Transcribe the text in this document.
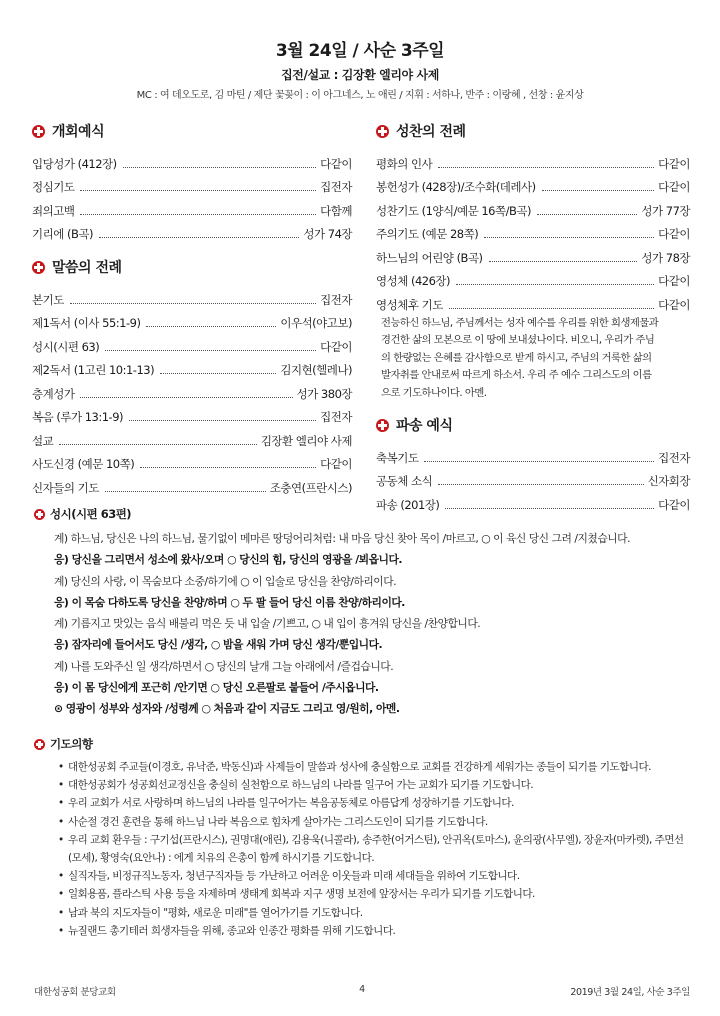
3월 24일 / 사순 3주일
집전/설교 : 김장환 엘리야 사제
MC : 여 데오도로, 김 마틴 / 제단 꽃꽂이 : 이 아그네스, 노 애린 / 지휘 : 서하나, 반주 : 이랑혜 , 선창 : 윤지상
개회예식
입당성가 (412장)	다같이
정심기도	집전자
죄의고백	다함께
기리에 (B곡)	성가 74장
말씀의 전례
본기도	집전자
제1독서 (이사 55:1-9)	이우석(야고보)
성시(시편 63)	다같이
제2독서 (1고린 10:1-13)	김지현(헬레나)
층계성가	성가 380장
복음 (루가 13:1-9)	집전자
설교	김장환 엘리야 사제
사도신경 (예문 10쪽)	다같이
신자들의 기도	조충연(프란시스)
성찬의 전례
평화의 인사	다같이
봉헌성가 (428장)/조수화(데레사)	다같이
성찬기도 (1양식/예문 16쪽/B곡)	성가 77장
주의기도 (예문 28쪽)	다같이
하느님의 어린양 (B곡)	성가 78장
영성체 (426장)	다같이
영성체후 기도	다같이
전능하신 하느님, 주님께서는 성자 예수를 우리를 위한 희생제물과
경건한 삶의 모본으로 이 땅에 보내셨나이다. 비오니, 우리가 주님
의 한량없는 은혜를 감사함으로 받게 하시고, 주님의 거룩한 삶의
발자취를 안내로써 따르게 하소서. 우리 주 예수 그리스도의 이름
으로 기도하나이다. 아멘.
파송 예식
축복기도	집전자
공동체 소식	신자회장
파송 (201장)	다같이
성시(시편 63편)
계) 하느님, 당신은 나의 하느님, 물기없이 메마른 땅덩어리처럼: 내 마음 당신 찾아 목이 /마르고, ○ 이 육신 당신 그려 /지쳤습니다.
응) 당신을 그리면서 성소에 왔사/오며 ○ 당신의 힘, 당신의 영광을 /뵈옵니다.
계) 당신의 사랑, 이 목숨보다 소중/하기에 ○ 이 입술로 당신을 찬양/하리이다.
응) 이 목숨 다하도록 당신을 찬양/하며 ○ 두 팔 들어 당신 이름 찬양/하리이다.
계) 기름지고 맛있는 음식 배불리 먹은 듯 내 입술 /기쁘고, ○ 내 입이 흥겨워 당신을 /찬양합니다.
응) 잠자리에 들어서도 당신 /생각, ○ 밤을 새워 가며 당신 생각/뿐입니다.
계) 나를 도와주신 일 생각/하면서 ○ 당신의 날개 그늘 아래에서 /즐겁습니다.
응) 이 몸 당신에게 포근히 /안기면 ○ 당신 오른팔로 붙들어 /주시옵니다.
⊙ 영광이 성부와 성자와 /성령께 ○ 처음과 같이 지금도 그리고 영/원히, 아멘.
기도의향
• 대한성공회 주교들(이경호, 유낙준, 박동신)과 사제들이 말씀과 성사에 충실함으로 교회를 건강하게 세워가는 종들이 되기를 기도합니다.
• 대한성공회가 성공회선교정신을 충실히 실천함으로 하느님의 나라를 일구어 가는 교회가 되기를 기도합니다.
• 우리 교회가 서로 사랑하며 하느님의 나라를 일구어가는 복음공동체로 아름답게 성장하기를 기도합니다.
• 사순절 경건 훈련을 통해 하느님 나라 복음으로 힘차게 살아가는 그리스도인이 되기를 기도합니다.
• 우리 교회 환우들 : 구기섭(프란시스), 권명대(애린), 김용욱(니콜라), 송주한(어거스틴), 안귀옥(토마스), 윤의광(사무엘), 장윤자(마카렛), 주면선(모세), 황영숙(요안나) : 에게 치유의 은총이 함께 하시기를 기도합니다.
• 실직자들, 비정규직노동자, 청년구직자들 등 가난하고 어려운 이웃들과 미래 세대들을 위하여 기도합니다.
• 일회용품, 플라스틱 사용 등을 자제하며 생태계 회복과 지구 생명 보전에 앞장서는 우리가 되기를 기도합니다.
• 남과 북의 지도자들이 "평화, 새로운 미래"를 열어가기를 기도합니다.
• 뉴질랜드 총기테러 희생자들을 위해, 종교와 인종간 평화를 위해 기도합니다.
대한성공회 분당교회	4	2019년 3월 24일, 사순 3주일
